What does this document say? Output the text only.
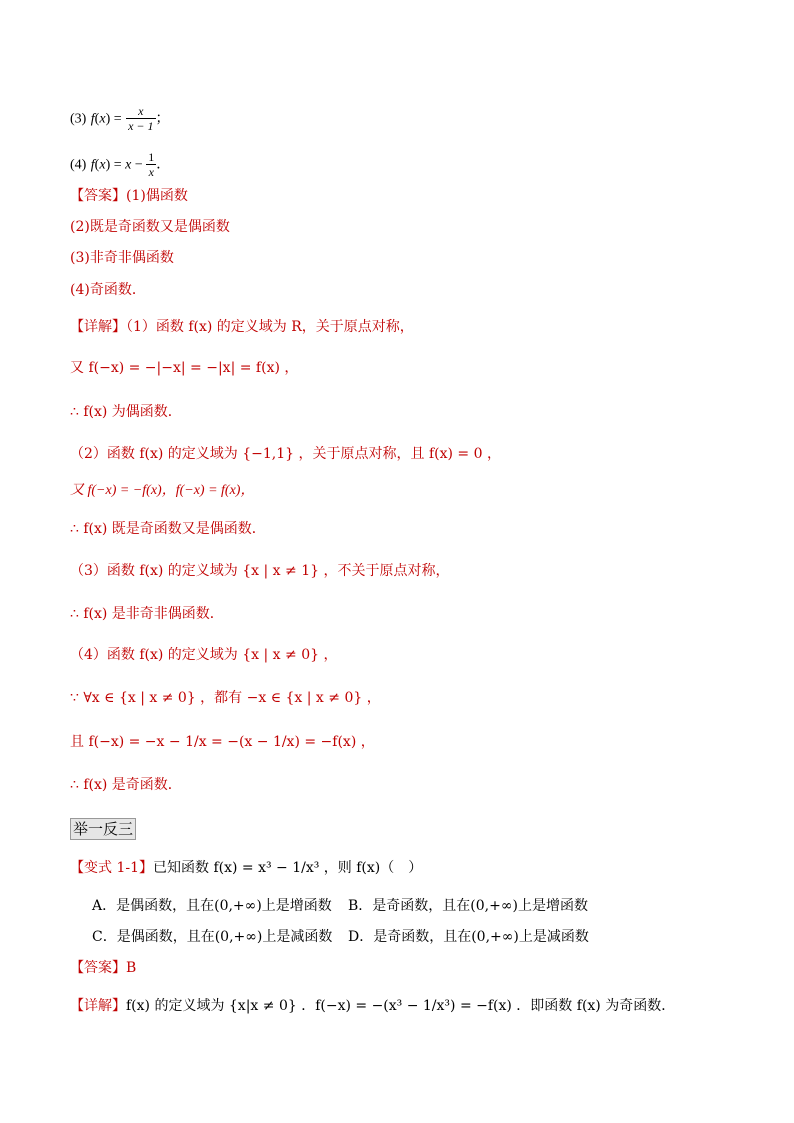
(3) $f(x) = \frac{x}{x - 1}$ ；
(4) $f(x) = x - \frac{1}{x}$ ．
【答案】(1)偶函数
(2)既是奇函数又是偶函数
(3)非奇非偶函数
(4)奇函数．
【详解】（1）函数 f(x) 的定义域为 R，关于原点对称，
又 f(−x) = −|−x| = −|x| = f(x) ，
∴ f(x) 为偶函数．
（2）函数 f(x) 的定义域为 {−1,1} ，关于原点对称，且 f(x) = 0 ，
又 f(−x) = −f(x)，f(−x) = f(x)，
∴ f(x) 既是奇函数又是偶函数．
（3）函数 f(x) 的定义域为 {x | x ≠ 1} ，不关于原点对称，
∴ f(x) 是非奇非偶函数．
（4）函数 f(x) 的定义域为 {x | x ≠ 0} ，
∵ ∀x ∈ {x | x ≠ 0} ，都有 −x ∈ {x | x ≠ 0} ，
且 f(−x) = −x − 1/x = −(x − 1/x) = −f(x) ，
∴ f(x) 是奇函数．
举一反三
【变式 1-1】已知函数 f(x) = x³ − 1/x³ ，则 f(x)（　）
A．是偶函数，且在(0,+∞)上是增函数 B．是奇函数，且在(0,+∞)上是增函数
C．是偶函数，且在(0,+∞)上是减函数 D．是奇函数，且在(0,+∞)上是减函数
【答案】B
【详解】f(x) 的定义域为 {x|x ≠ 0} ．f(−x) = −(x³ − 1/x³) = −f(x) ．即函数 f(x) 为奇函数．
